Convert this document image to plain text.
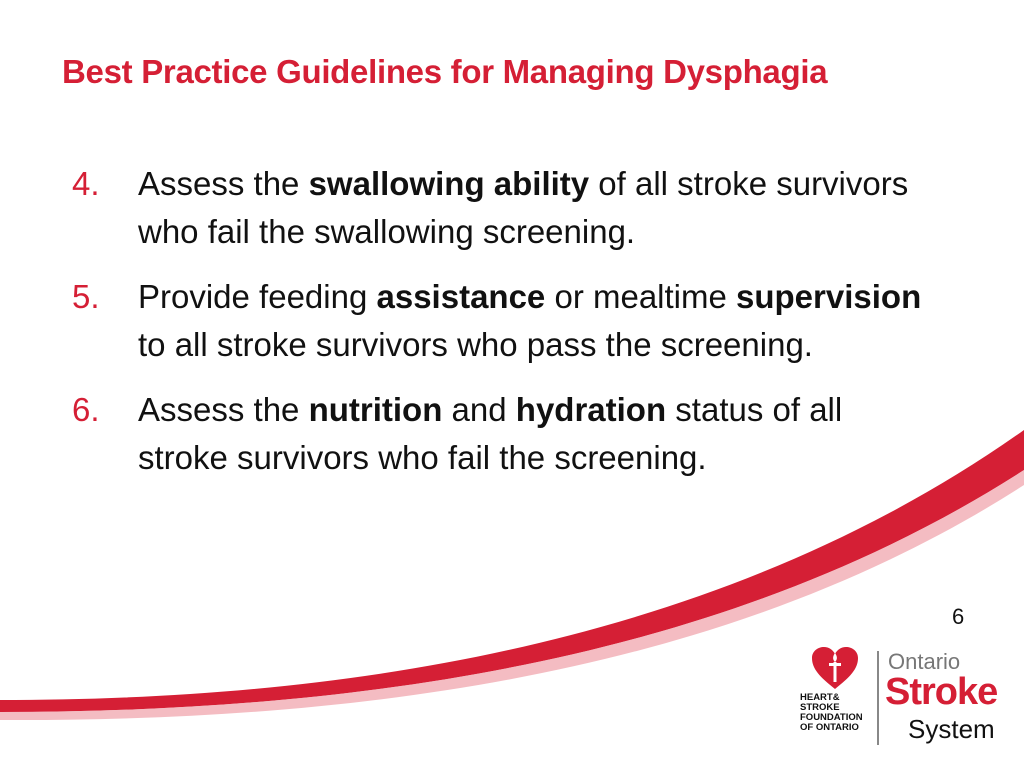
Best Practice Guidelines for Managing Dysphagia
4.	Assess the swallowing ability of all stroke survivors who fail the swallowing screening.
5.	Provide feeding assistance or mealtime supervision to all stroke survivors who pass the screening.
6.	Assess the nutrition and hydration status of all stroke survivors who fail the screening.
6
HEART&
STROKE
FOUNDATION
OF ONTARIO
Ontario
Stroke
System
